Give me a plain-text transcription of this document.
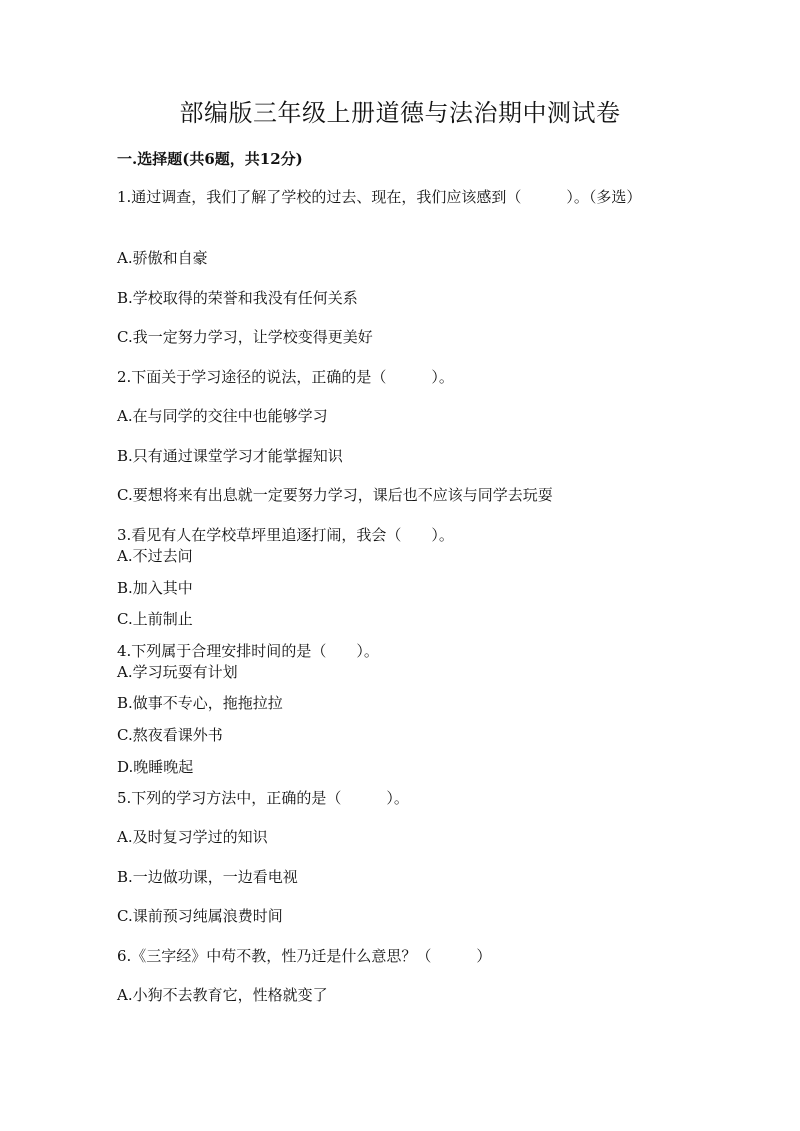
部编版三年级上册道德与法治期中测试卷
一.选择题(共6题，共12分)
1.通过调查，我们了解了学校的过去、现在，我们应该感到（　　　）。（多选）
A.骄傲和自豪
B.学校取得的荣誉和我没有任何关系
C.我一定努力学习，让学校变得更美好
2.下面关于学习途径的说法，正确的是（　　　）。
A.在与同学的交往中也能够学习
B.只有通过课堂学习才能掌握知识
C.要想将来有出息就一定要努力学习，课后也不应该与同学去玩耍
3.看见有人在学校草坪里追逐打闹，我会（　　）。
A.不过去问
B.加入其中
C.上前制止
4.下列属于合理安排时间的是（　　）。
A.学习玩耍有计划
B.做事不专心，拖拖拉拉
C.熬夜看课外书
D.晚睡晚起
5.下列的学习方法中，正确的是（　　　）。
A.及时复习学过的知识
B.一边做功课，一边看电视
C.课前预习纯属浪费时间
6.《三字经》中苟不教，性乃迁是什么意思？（　　　）
A.小狗不去教育它，性格就变了
